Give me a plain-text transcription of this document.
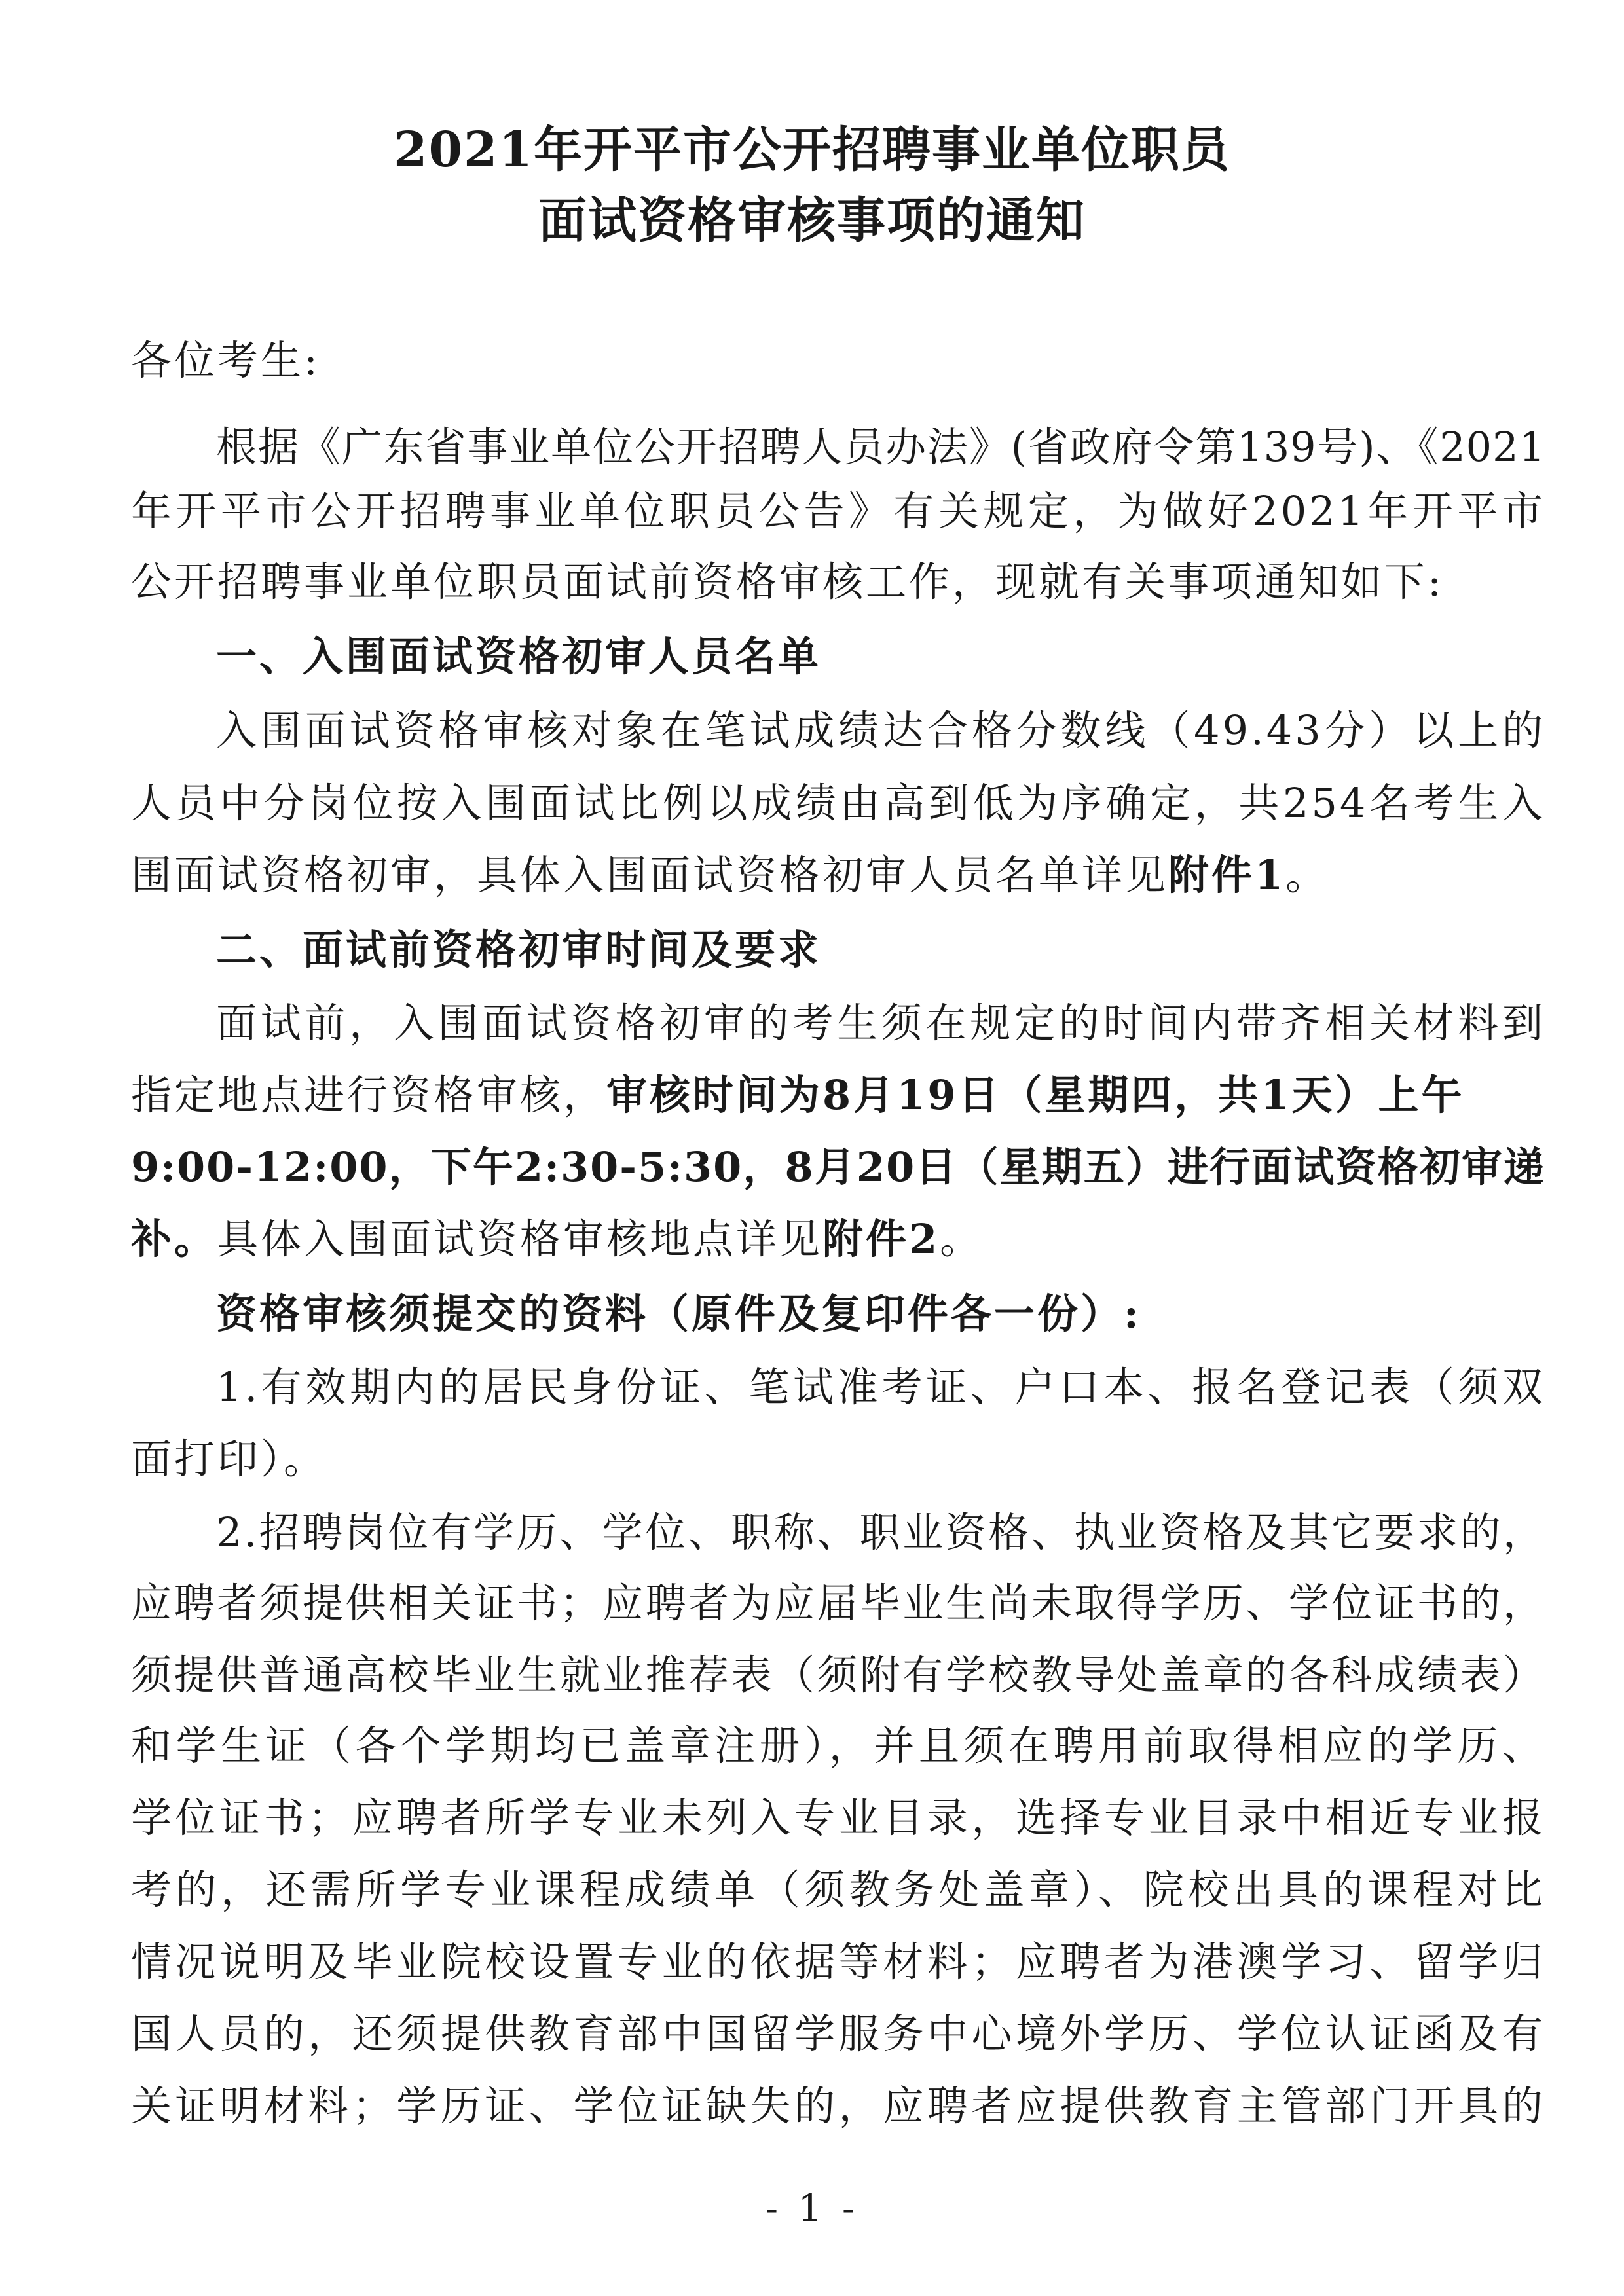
2021年开平市公开招聘事业单位职员
面试资格审核事项的通知
各位考生:
根据《广东省事业单位公开招聘人员办法》(省政府令第139号)、《2021
年开平市公开招聘事业单位职员公告》有关规定，为做好2021年开平市
公开招聘事业单位职员面试前资格审核工作，现就有关事项通知如下:
一、入围面试资格初审人员名单
入围面试资格审核对象在笔试成绩达合格分数线（49.43分）以上的
人员中分岗位按入围面试比例以成绩由高到低为序确定，共254名考生入
围面试资格初审，具体入围面试资格初审人员名单详见附件1。
二、面试前资格初审时间及要求
面试前，入围面试资格初审的考生须在规定的时间内带齐相关材料到
指定地点进行资格审核，审核时间为8月19日（星期四，共1天）上午
9:00-12:00，下午2:30-5:30，8月20日（星期五）进行面试资格初审递
补。具体入围面试资格审核地点详见附件2。
资格审核须提交的资料（原件及复印件各一份）:
1.有效期内的居民身份证、笔试准考证、户口本、报名登记表（须双
面打印）。
2.招聘岗位有学历、学位、职称、职业资格、执业资格及其它要求的，
应聘者须提供相关证书；应聘者为应届毕业生尚未取得学历、学位证书的，
须提供普通高校毕业生就业推荐表（须附有学校教导处盖章的各科成绩表）
和学生证（各个学期均已盖章注册），并且须在聘用前取得相应的学历、
学位证书；应聘者所学专业未列入专业目录，选择专业目录中相近专业报
考的，还需所学专业课程成绩单（须教务处盖章）、院校出具的课程对比
情况说明及毕业院校设置专业的依据等材料；应聘者为港澳学习、留学归
国人员的，还须提供教育部中国留学服务中心境外学历、学位认证函及有
关证明材料；学历证、学位证缺失的，应聘者应提供教育主管部门开具的
- 1 -
